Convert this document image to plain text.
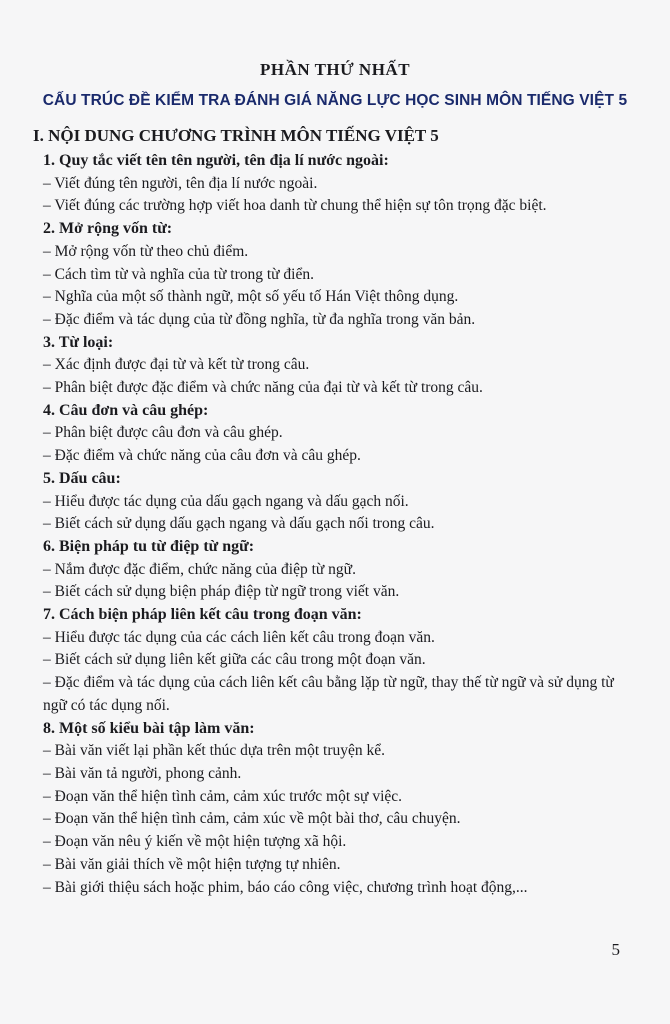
PHẦN THỨ NHẤT
CẤU TRÚC ĐỀ KIỂM TRA ĐÁNH GIÁ NĂNG LỰC HỌC SINH MÔN TIẾNG VIỆT 5
I. NỘI DUNG CHƯƠNG TRÌNH MÔN TIẾNG VIỆT 5
1. Quy tắc viết tên tên người, tên địa lí nước ngoài:
– Viết đúng tên người, tên địa lí nước ngoài.
– Viết đúng các trường hợp viết hoa danh từ chung thể hiện sự tôn trọng đặc biệt.
2. Mở rộng vốn từ:
– Mở rộng vốn từ theo chủ điểm.
– Cách tìm từ và nghĩa của từ trong từ điển.
– Nghĩa của một số thành ngữ, một số yếu tố Hán Việt thông dụng.
– Đặc điểm và tác dụng của từ đồng nghĩa, từ đa nghĩa trong văn bản.
3. Từ loại:
– Xác định được đại từ và kết từ trong câu.
– Phân biệt được đặc điểm và chức năng của đại từ và kết từ trong câu.
4. Câu đơn và câu ghép:
– Phân biệt được câu đơn và câu ghép.
– Đặc điểm và chức năng của câu đơn và câu ghép.
5. Dấu câu:
– Hiểu được tác dụng của dấu gạch ngang và dấu gạch nối.
– Biết cách sử dụng dấu gạch ngang và dấu gạch nối trong câu.
6. Biện pháp tu từ điệp từ ngữ:
– Nắm được đặc điểm, chức năng của điệp từ ngữ.
– Biết cách sử dụng biện pháp điệp từ ngữ trong viết văn.
7. Cách biện pháp liên kết câu trong đoạn văn:
– Hiểu được tác dụng của các cách liên kết câu trong đoạn văn.
– Biết cách sử dụng liên kết giữa các câu trong một đoạn văn.
– Đặc điểm và tác dụng của cách liên kết câu bằng lặp từ ngữ, thay thế từ ngữ và sử dụng từ ngữ có tác dụng nối.
8. Một số kiểu bài tập làm văn:
– Bài văn viết lại phần kết thúc dựa trên một truyện kể.
– Bài văn tả người, phong cảnh.
– Đoạn văn thể hiện tình cảm, cảm xúc trước một sự việc.
– Đoạn văn thể hiện tình cảm, cảm xúc về một bài thơ, câu chuyện.
– Đoạn văn nêu ý kiến về một hiện tượng xã hội.
– Bài văn giải thích về một hiện tượng tự nhiên.
– Bài giới thiệu sách hoặc phim, báo cáo công việc, chương trình hoạt động,...
5
